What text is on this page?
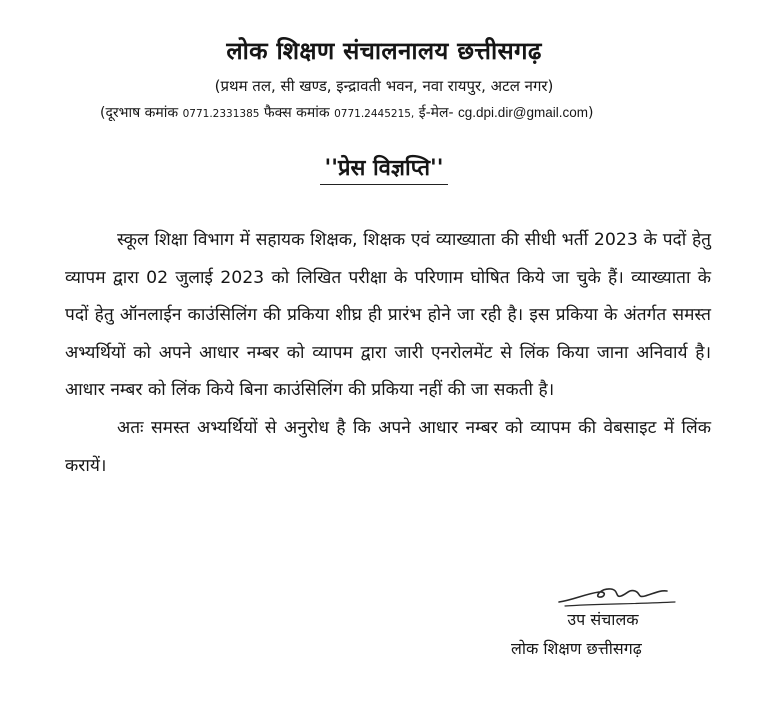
लोक शिक्षण संचालनालय छत्तीसगढ़
(प्रथम तल, सी खण्ड, इन्द्रावती भवन, नवा रायपुर, अटल नगर)
(दूरभाष कमांक 0771.2331385 फैक्स कमांक 0771.2445215, ई-मेल- cg.dpi.dir@gmail.com)
''प्रेस विज्ञप्ति''

स्कूल शिक्षा विभाग में सहायक शिक्षक, शिक्षक एवं व्याख्याता की सीधी भर्ती 2023 के पदों हेतु व्यापम द्वारा 02 जुलाई 2023 को लिखित परीक्षा के परिणाम घोषित किये जा चुके हैं। व्याख्याता के पदों हेतु ऑनलाईन काउंसिलिंग की प्रकिया शीघ्र ही प्रारंभ होने जा रही है। इस प्रकिया के अंतर्गत समस्त अभ्यर्थियों को अपने आधार नम्बर को व्यापम द्वारा जारी एनरोलमेंट से लिंक किया जाना अनिवार्य है। आधार नम्बर को लिंक किये बिना काउंसिलिंग की प्रकिया नहीं की जा सकती है।

अतः समस्त अभ्यर्थियों से अनुरोध है कि अपने आधार नम्बर को व्यापम की वेबसाइट में लिंक करायें।

उप संचालक
लोक शिक्षण छत्तीसगढ़
